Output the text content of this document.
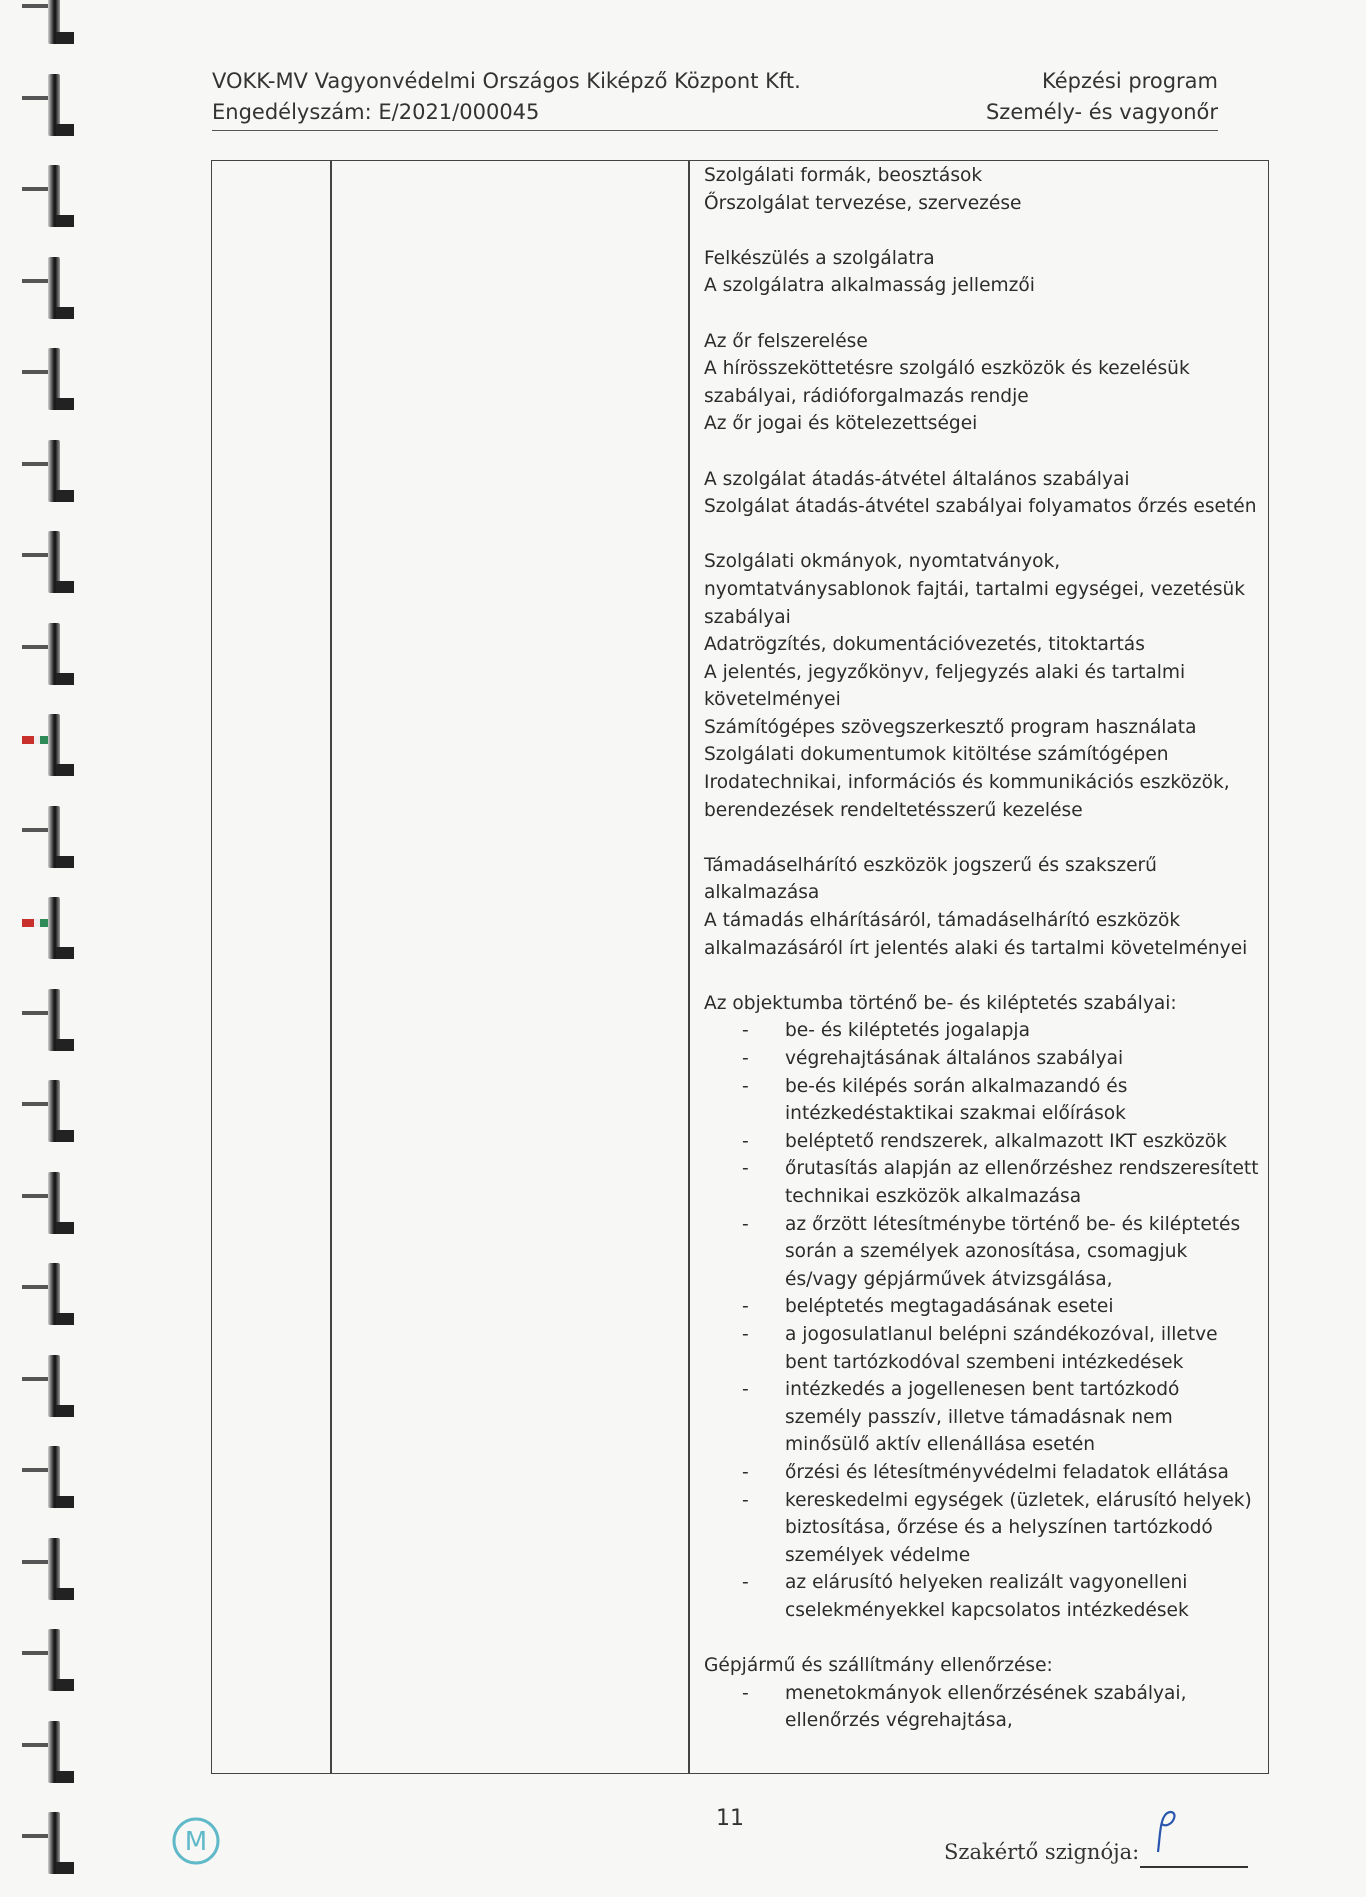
VOKK-MV Vagyonvédelmi Országos Kiképző Központ Kft.
Engedélyszám: E/2021/000045
Képzési program
Személy- és vagyonőr
Szolgálati formák, beosztások
Őrszolgálat tervezése, szervezése
Felkészülés a szolgálatra
A szolgálatra alkalmasság jellemzői
Az őr felszerelése
A hírösszeköttetésre szolgáló eszközök és kezelésük
szabályai, rádióforgalmazás rendje
Az őr jogai és kötelezettségei
A szolgálat átadás-átvétel általános szabályai
Szolgálat átadás-átvétel szabályai folyamatos őrzés esetén
Szolgálati okmányok, nyomtatványok,
nyomtatványsablonok fajtái, tartalmi egységei, vezetésük
szabályai
Adatrögzítés, dokumentációvezetés, titoktartás
A jelentés, jegyzőkönyv, feljegyzés alaki és tartalmi
követelményei
Számítógépes szövegszerkesztő program használata
Szolgálati dokumentumok kitöltése számítógépen
Irodatechnikai, információs és kommunikációs eszközök,
berendezések rendeltetésszerű kezelése
Támadáselhárító eszközök jogszerű és szakszerű
alkalmazása
A támadás elhárításáról, támadáselhárító eszközök
alkalmazásáról írt jelentés alaki és tartalmi követelményei
Az objektumba történő be- és kiléptetés szabályai:
- be- és kiléptetés jogalapja
- végrehajtásának általános szabályai
- be-és kilépés során alkalmazandó és
intézkedéstaktikai szakmai előírások
- beléptető rendszerek, alkalmazott IKT eszközök
- őrutasítás alapján az ellenőrzéshez rendszeresített
technikai eszközök alkalmazása
- az őrzött létesítménybe történő be- és kiléptetés
során a személyek azonosítása, csomagjuk
és/vagy gépjárművek átvizsgálása,
- beléptetés megtagadásának esetei
- a jogosulatlanul belépni szándékozóval, illetve
bent tartózkodóval szembeni intézkedések
- intézkedés a jogellenesen bent tartózkodó
személy passzív, illetve támadásnak nem
minősülő aktív ellenállása esetén
- őrzési és létesítményvédelmi feladatok ellátása
- kereskedelmi egységek (üzletek, elárusító helyek)
biztosítása, őrzése és a helyszínen tartózkodó
személyek védelme
- az elárusító helyeken realizált vagyonelleni
cselekményekkel kapcsolatos intézkedések
Gépjármű és szállítmány ellenőrzése:
- menetokmányok ellenőrzésének szabályai,
ellenőrzés végrehajtása,
M
11
Szakértő szignója:
